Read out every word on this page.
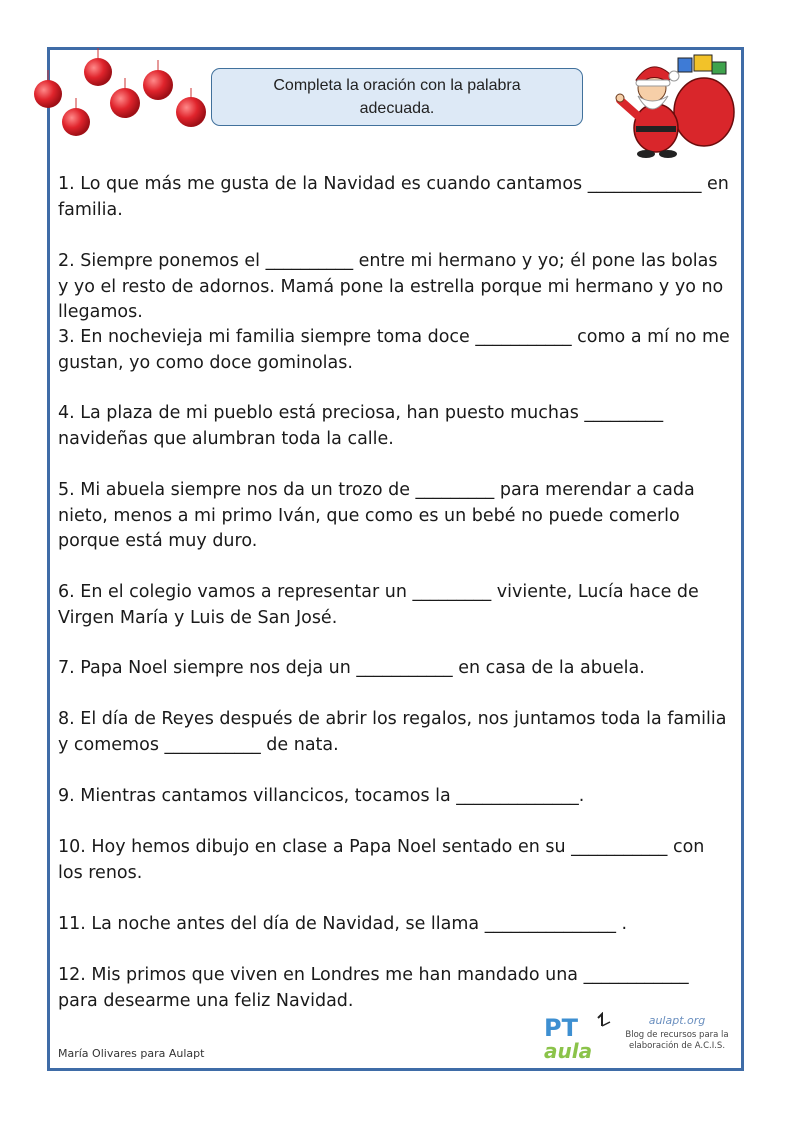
Completa la oración con la palabra adecuada.

1. Lo que más me gusta de la Navidad es cuando cantamos _____________ en familia.

2. Siempre ponemos el __________ entre mi hermano y yo; él pone las bolas y yo el resto de adornos. Mamá pone la estrella porque mi hermano y yo no llegamos.

3. En nochevieja mi familia siempre toma doce ___________ como a mí no me gustan, yo como doce gominolas.

4. La plaza de mi pueblo está preciosa, han puesto muchas _________ navideñas que alumbran toda la calle.

5. Mi abuela siempre nos da un trozo de _________ para merendar a cada nieto, menos a mi primo Iván, que como es un bebé no puede comerlo porque está muy duro.

6. En el colegio vamos a representar un _________ viviente, Lucía hace de Virgen María y Luis de San José.

7. Papa Noel siempre nos deja un ___________ en casa de la abuela.

8. El día de Reyes después de abrir los regalos, nos juntamos toda la familia y comemos ___________ de nata.

9. Mientras cantamos villancicos, tocamos la ______________.

10. Hoy hemos dibujo en clase a Papa Noel sentado en su ___________ con los renos.

11. La noche antes del día de Navidad, se llama _______________ .

12. Mis primos que viven en Londres me han mandado una ____________ para desearme una feliz Navidad.

María Olivares para Aulapt
PT
aula
aulapt.org
Blog de recursos para la elaboración de A.C.I.S.
